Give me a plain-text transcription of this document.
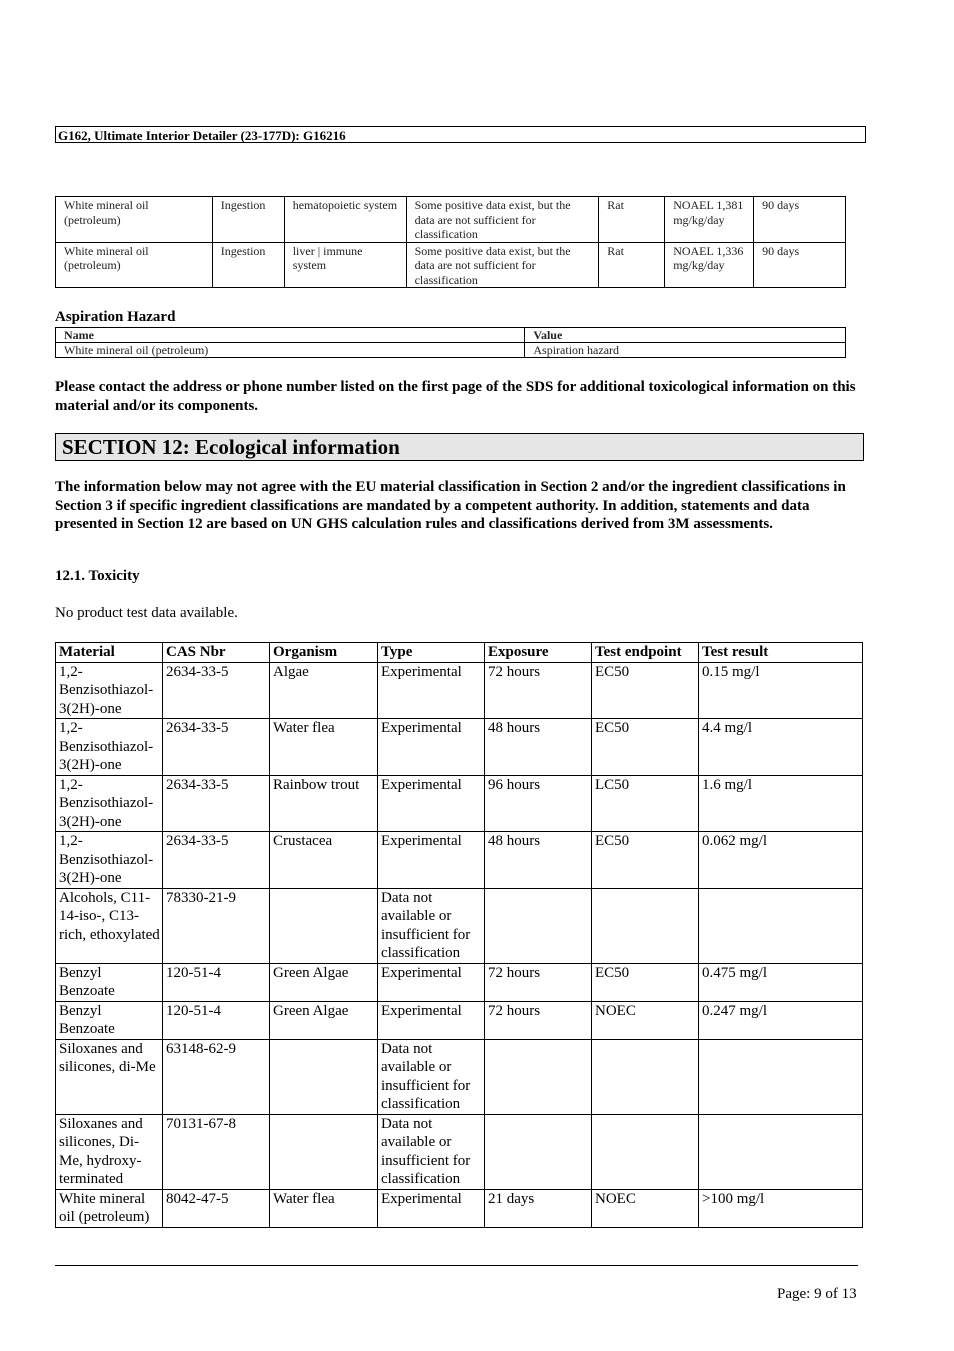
G162, Ultimate Interior Detailer (23-177D): G16216
White mineral oil (petroleum)	Ingestion	hematopoietic system	Some positive data exist, but the data are not sufficient for classification	Rat	NOAEL 1,381 mg/kg/day	90 days
White mineral oil (petroleum)	Ingestion	liver | immune system	Some positive data exist, but the data are not sufficient for classification	Rat	NOAEL 1,336 mg/kg/day	90 days
Aspiration Hazard
Name	Value
White mineral oil (petroleum)	Aspiration hazard
Please contact the address or phone number listed on the first page of the SDS for additional toxicological information on this material and/or its components.
SECTION 12: Ecological information
The information below may not agree with the EU material classification in Section 2 and/or the ingredient classifications in Section 3 if specific ingredient classifications are mandated by a competent authority. In addition, statements and data presented in Section 12 are based on UN GHS calculation rules and classifications derived from 3M assessments.
12.1. Toxicity
No product test data available.
Material	CAS Nbr	Organism	Type	Exposure	Test endpoint	Test result
1,2-Benzisothiazol-3(2H)-one	2634-33-5	Algae	Experimental	72 hours	EC50	0.15 mg/l
1,2-Benzisothiazol-3(2H)-one	2634-33-5	Water flea	Experimental	48 hours	EC50	4.4 mg/l
1,2-Benzisothiazol-3(2H)-one	2634-33-5	Rainbow trout	Experimental	96 hours	LC50	1.6 mg/l
1,2-Benzisothiazol-3(2H)-one	2634-33-5	Crustacea	Experimental	48 hours	EC50	0.062 mg/l
Alcohols, C11-14-iso-, C13-rich, ethoxylated	78330-21-9		Data not available or insufficient for classification			
Benzyl Benzoate	120-51-4	Green Algae	Experimental	72 hours	EC50	0.475 mg/l
Benzyl Benzoate	120-51-4	Green Algae	Experimental	72 hours	NOEC	0.247 mg/l
Siloxanes and silicones, di-Me	63148-62-9		Data not available or insufficient for classification			
Siloxanes and silicones, Di-Me, hydroxy-terminated	70131-67-8		Data not available or insufficient for classification			
White mineral oil (petroleum)	8042-47-5	Water flea	Experimental	21 days	NOEC	>100 mg/l
Page: 9 of 13
